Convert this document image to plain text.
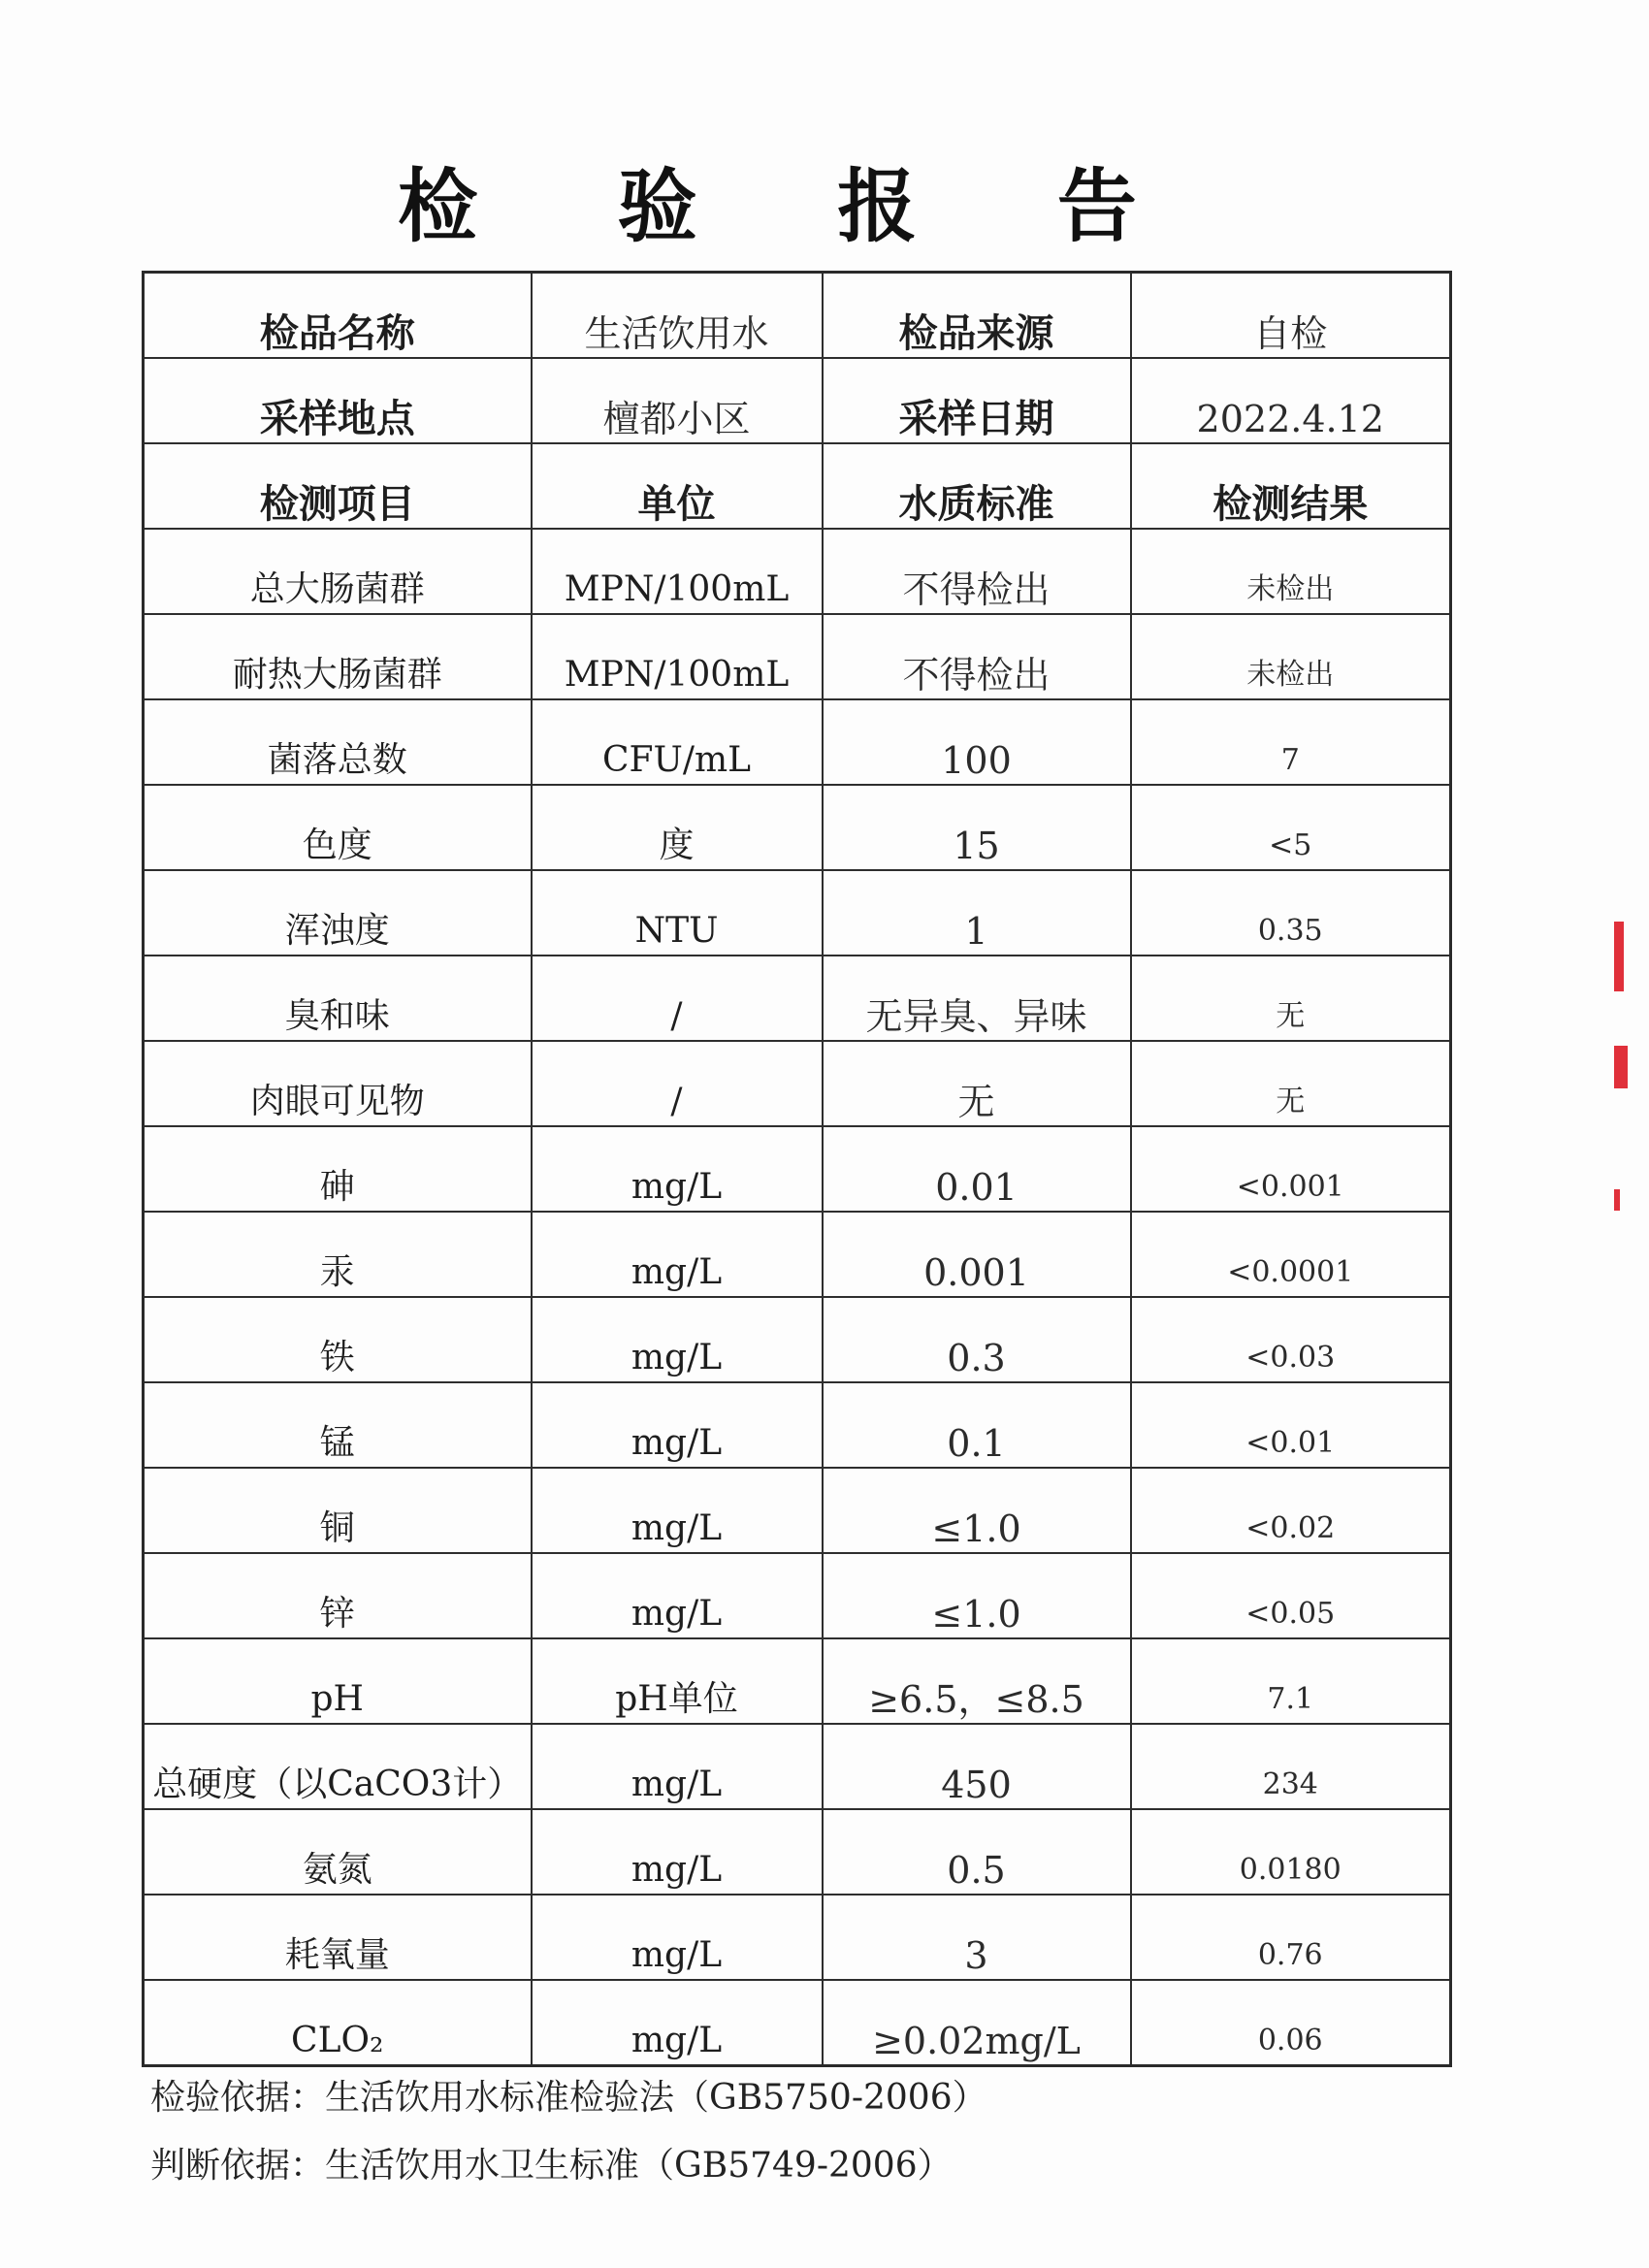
检 验 报 告
检品名称	生活饮用水	检品来源	自检
采样地点	檀都小区	采样日期	2022.4.12
检测项目	单位	水质标准	检测结果
总大肠菌群	MPN/100mL	不得检出	未检出
耐热大肠菌群	MPN/100mL	不得检出	未检出
菌落总数	CFU/mL	100	7
色度	度	15	<5
浑浊度	NTU	1	0.35
臭和味	/	无异臭、异味	无
肉眼可见物	/	无	无
砷	mg/L	0.01	<0.001
汞	mg/L	0.001	<0.0001
铁	mg/L	0.3	<0.03
锰	mg/L	0.1	<0.01
铜	mg/L	≤1.0	<0.02
锌	mg/L	≤1.0	<0.05
pH	pH单位	≥6.5，≤8.5	7.1
总硬度（以CaCO3计）	mg/L	450	234
氨氮	mg/L	0.5	0.0180
耗氧量	mg/L	3	0.76
CLO₂	mg/L	≥0.02mg/L	0.06
检验依据：生活饮用水标准检验法（GB5750-2006）
判断依据：生活饮用水卫生标准（GB5749-2006）
